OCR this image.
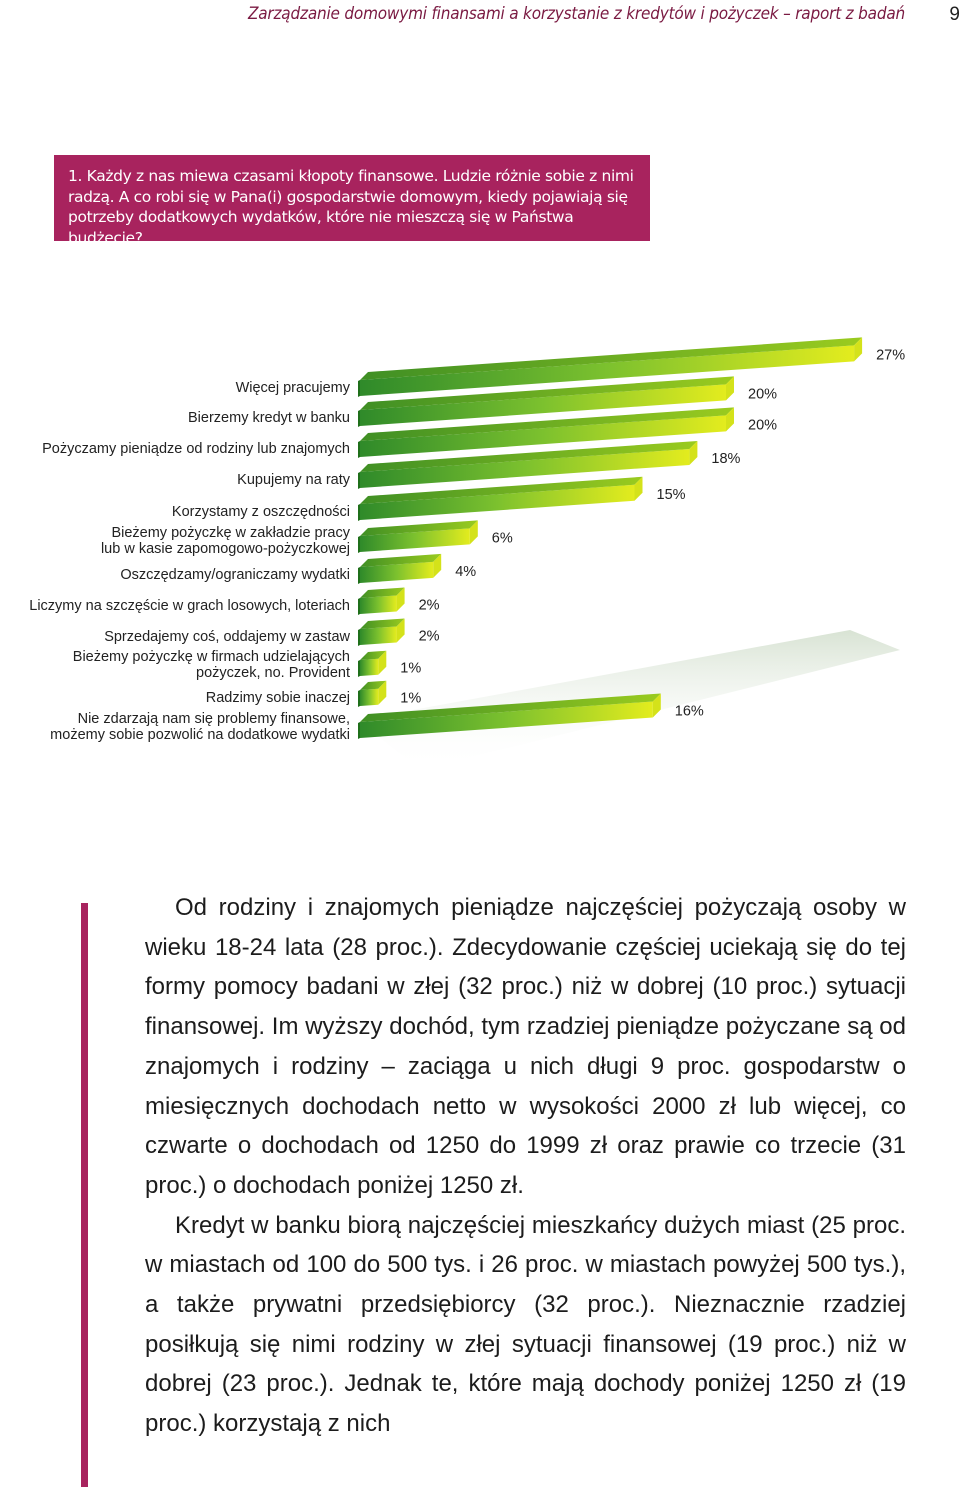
Zarządzanie domowymi finansami a korzystanie z kredytów i pożyczek – raport z badań	9
1. Każdy z nas miewa czasami kłopoty finansowe. Ludzie różnie sobie z nimi radzą. A co robi się w Pana(i) gospodarstwie domowym, kiedy pojawiają się potrzeby dodatkowych wydatków, które nie mieszczą się w Państwa budżecie?
Nie zdarzają nam się problemy finansowe,
możemy sobie pozwolić na dodatkowe wydatki
Radzimy sobie inaczej
Bieżemy pożyczkę w firmach udzielających
pożyczek, no. Provident
Sprzedajemy coś, oddajemy w zastaw
Liczymy na szczęście w grach losowych, loteriach
Oszczędzamy/ograniczamy wydatki
Bieżemy pożyczkę w zakładzie pracy
lub w kasie zapomogowo-pożyczkowej
Korzystamy z oszczędności
Kupujemy na raty
Pożyczamy pieniądze od rodziny lub znajomych
Bierzemy kredyt w banku
Więcej pracujemy
16%
1%
1%
2%
2%
4%
6%
15%
18%
20%
20%
27%

Od rodziny i znajomych pieniądze najczęściej pożyczają osoby w wieku 18-24 lata (28 proc.). Zdecydowanie częściej uciekają się do tej formy pomocy badani w złej (32 proc.) niż w dobrej (10 proc.) sytuacji finansowej. Im wyższy dochód, tym rzadziej pieniądze pożyczane są od znajomych i rodziny – zaciąga u nich długi 9 proc. gospodarstw o miesięcznych dochodach netto w wysokości 2000 zł lub więcej, co czwarte o dochodach od 1250 do 1999 zł oraz prawie co trzecie (31 proc.) o dochodach poniżej 1250 zł.

Kredyt w banku biorą najczęściej mieszkańcy dużych miast (25 proc. w miastach od 100 do 500 tys. i 26 proc. w miastach powyżej 500 tys.), a także prywatni przedsiębiorcy (32 proc.). Nieznacznie rzadziej posiłkują się nimi rodziny w złej sytuacji finansowej (19 proc.) niż w dobrej (23 proc.). Jednak te, które mają dochody poniżej 1250 zł (19 proc.) korzystają z nich
